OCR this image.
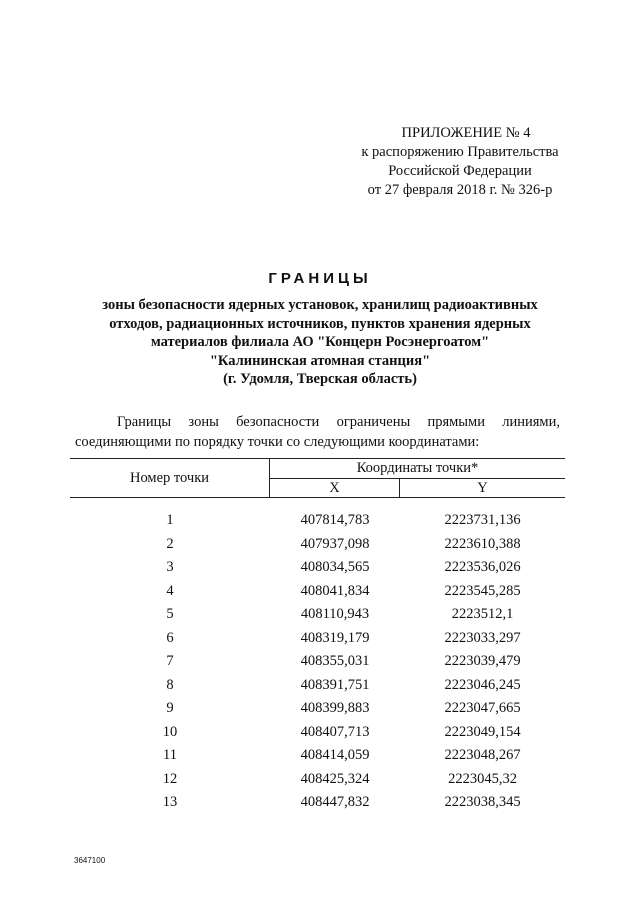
ПРИЛОЖЕНИЕ № 4
к распоряжению Правительства
Российской Федерации
от 27 февраля 2018 г. № 326-р
ГРАНИЦЫ
зоны безопасности ядерных установок, хранилищ радиоактивных
отходов, радиационных источников, пунктов хранения ядерных
материалов филиала АО "Концерн Росэнергоатом"
"Калининская атомная станция"
(г. Удомля, Тверская область)
Границы зоны безопасности ограничены прямыми линиями,
соединяющими по порядку точки со следующими координатами:
Номер точки
Координаты точки*
X	Y
1	407814,783	2223731,136
2	407937,098	2223610,388
3	408034,565	2223536,026
4	408041,834	2223545,285
5	408110,943	2223512,1
6	408319,179	2223033,297
7	408355,031	2223039,479
8	408391,751	2223046,245
9	408399,883	2223047,665
10	408407,713	2223049,154
11	408414,059	2223048,267
12	408425,324	2223045,32
13	408447,832	2223038,345
3647100
